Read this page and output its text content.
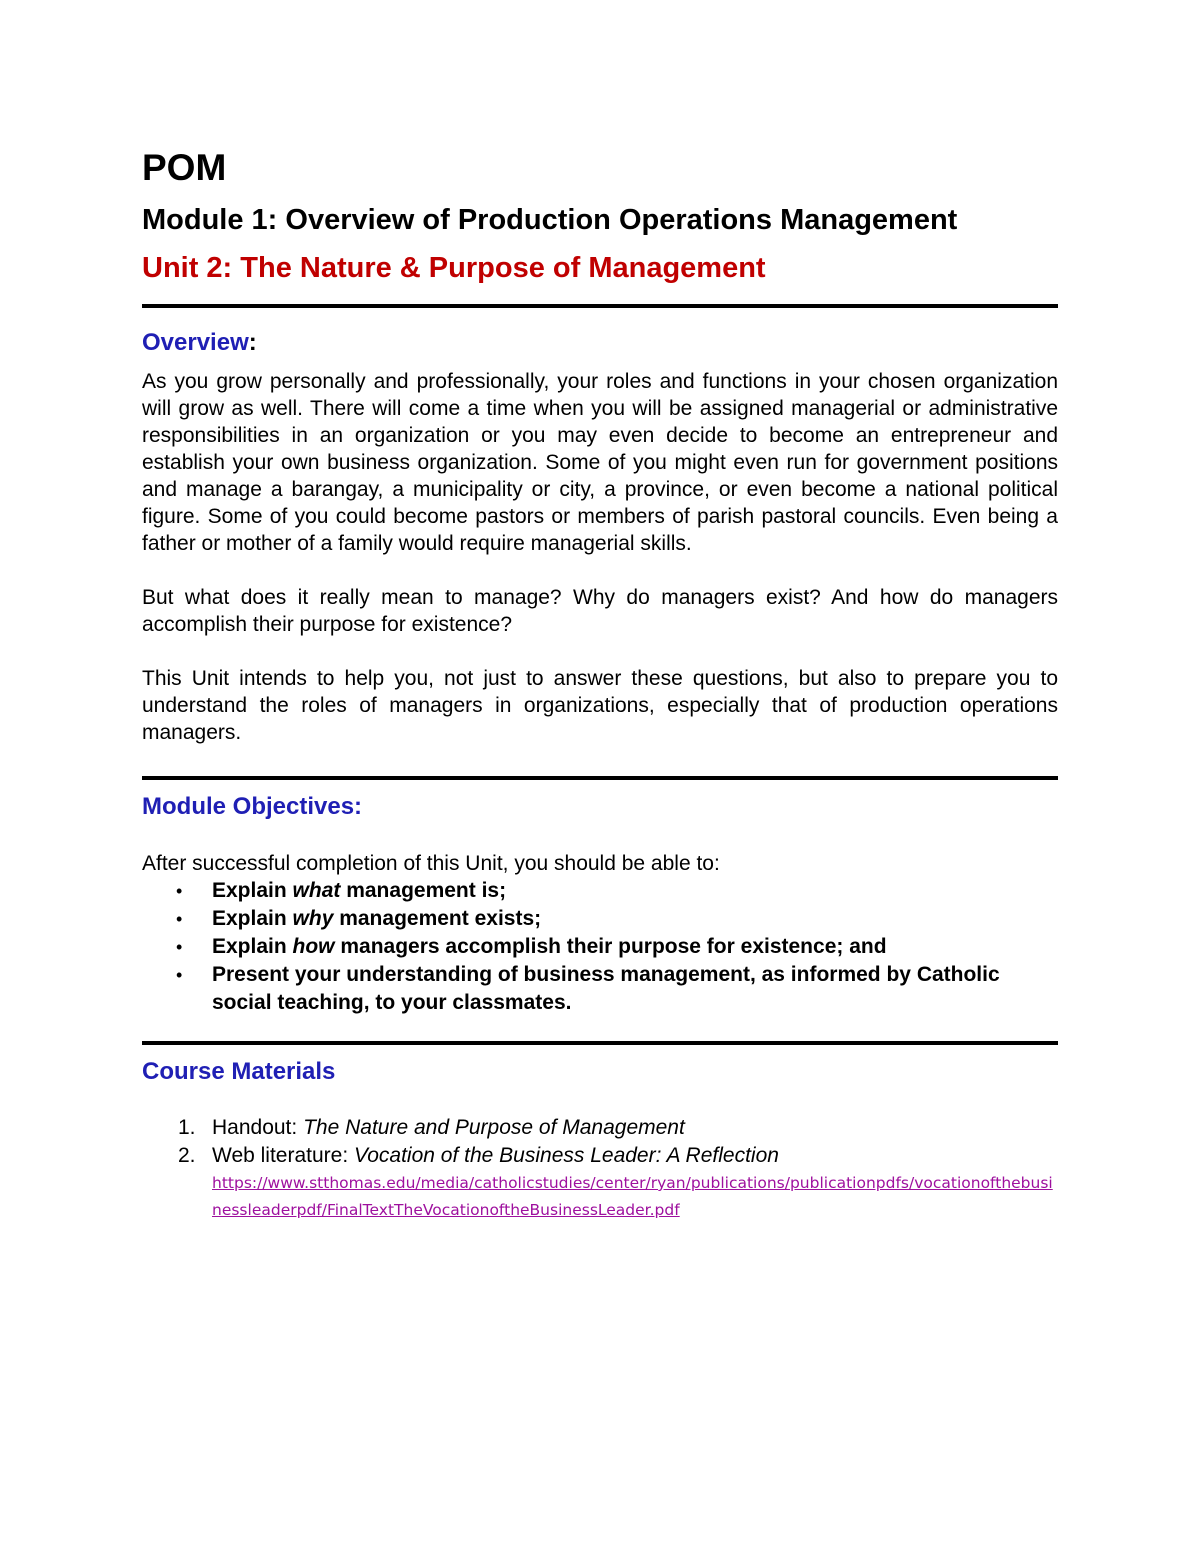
POM
Module 1: Overview of Production Operations Management
Unit 2: The Nature & Purpose of Management
Overview:

As you grow personally and professionally, your roles and functions in your chosen organization will grow as well. There will come a time when you will be assigned managerial or administrative responsibilities in an organization or you may even decide to become an entrepreneur and establish your own business organization. Some of you might even run for government positions and manage a barangay, a municipality or city, a province, or even become a national political figure. Some of you could become pastors or members of parish pastoral councils. Even being a father or mother of a family would require managerial skills.

But what does it really mean to manage? Why do managers exist? And how do managers accomplish their purpose for existence?

This Unit intends to help you, not just to answer these questions, but also to prepare you to understand the roles of managers in organizations, especially that of production operations managers.

Module Objectives:

After successful completion of this Unit, you should be able to:

• Explain what management is;
• Explain why management exists;
• Explain how managers accomplish their purpose for existence; and
• Present your understanding of business management, as informed by Catholic social teaching, to your classmates.
Course Materials
1. Handout: The Nature and Purpose of Management
2. Web literature: Vocation of the Business Leader: A Reflection
https://www.stthomas.edu/media/catholicstudies/center/ryan/publications/publicationpdfs/vocationofthebusinessleaderpdf/FinalTextTheVocationoftheBusinessLeader.pdf
